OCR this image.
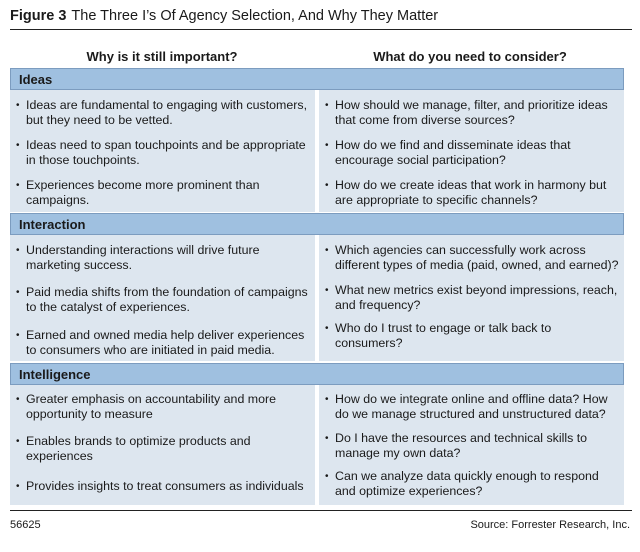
Figure 3 The Three I’s Of Agency Selection, And Why They Matter
Why is it still important?	What do you need to consider?
Ideas
• Ideas are fundamental to engaging with customers, but they need to be vetted.
• Ideas need to span touchpoints and be appropriate in those touchpoints.
• Experiences become more prominent than campaigns.
• How should we manage, filter, and prioritize ideas that come from diverse sources?
• How do we find and disseminate ideas that encourage social participation?
• How do we create ideas that work in harmony but are appropriate to specific channels?
Interaction
• Understanding interactions will drive future marketing success.
• Paid media shifts from the foundation of campaigns to the catalyst of experiences.
• Earned and owned media help deliver experiences to consumers who are initiated in paid media.
• Which agencies can successfully work across different types of media (paid, owned, and earned)?
• What new metrics exist beyond impressions, reach, and frequency?
• Who do I trust to engage or talk back to consumers?
Intelligence
• Greater emphasis on accountability and more opportunity to measure
• Enables brands to optimize products and experiences
• Provides insights to treat consumers as individuals
• How do we integrate online and offline data? How do we manage structured and unstructured data?
• Do I have the resources and technical skills to manage my own data?
• Can we analyze data quickly enough to respond and optimize experiences?
56625	Source: Forrester Research, Inc.
